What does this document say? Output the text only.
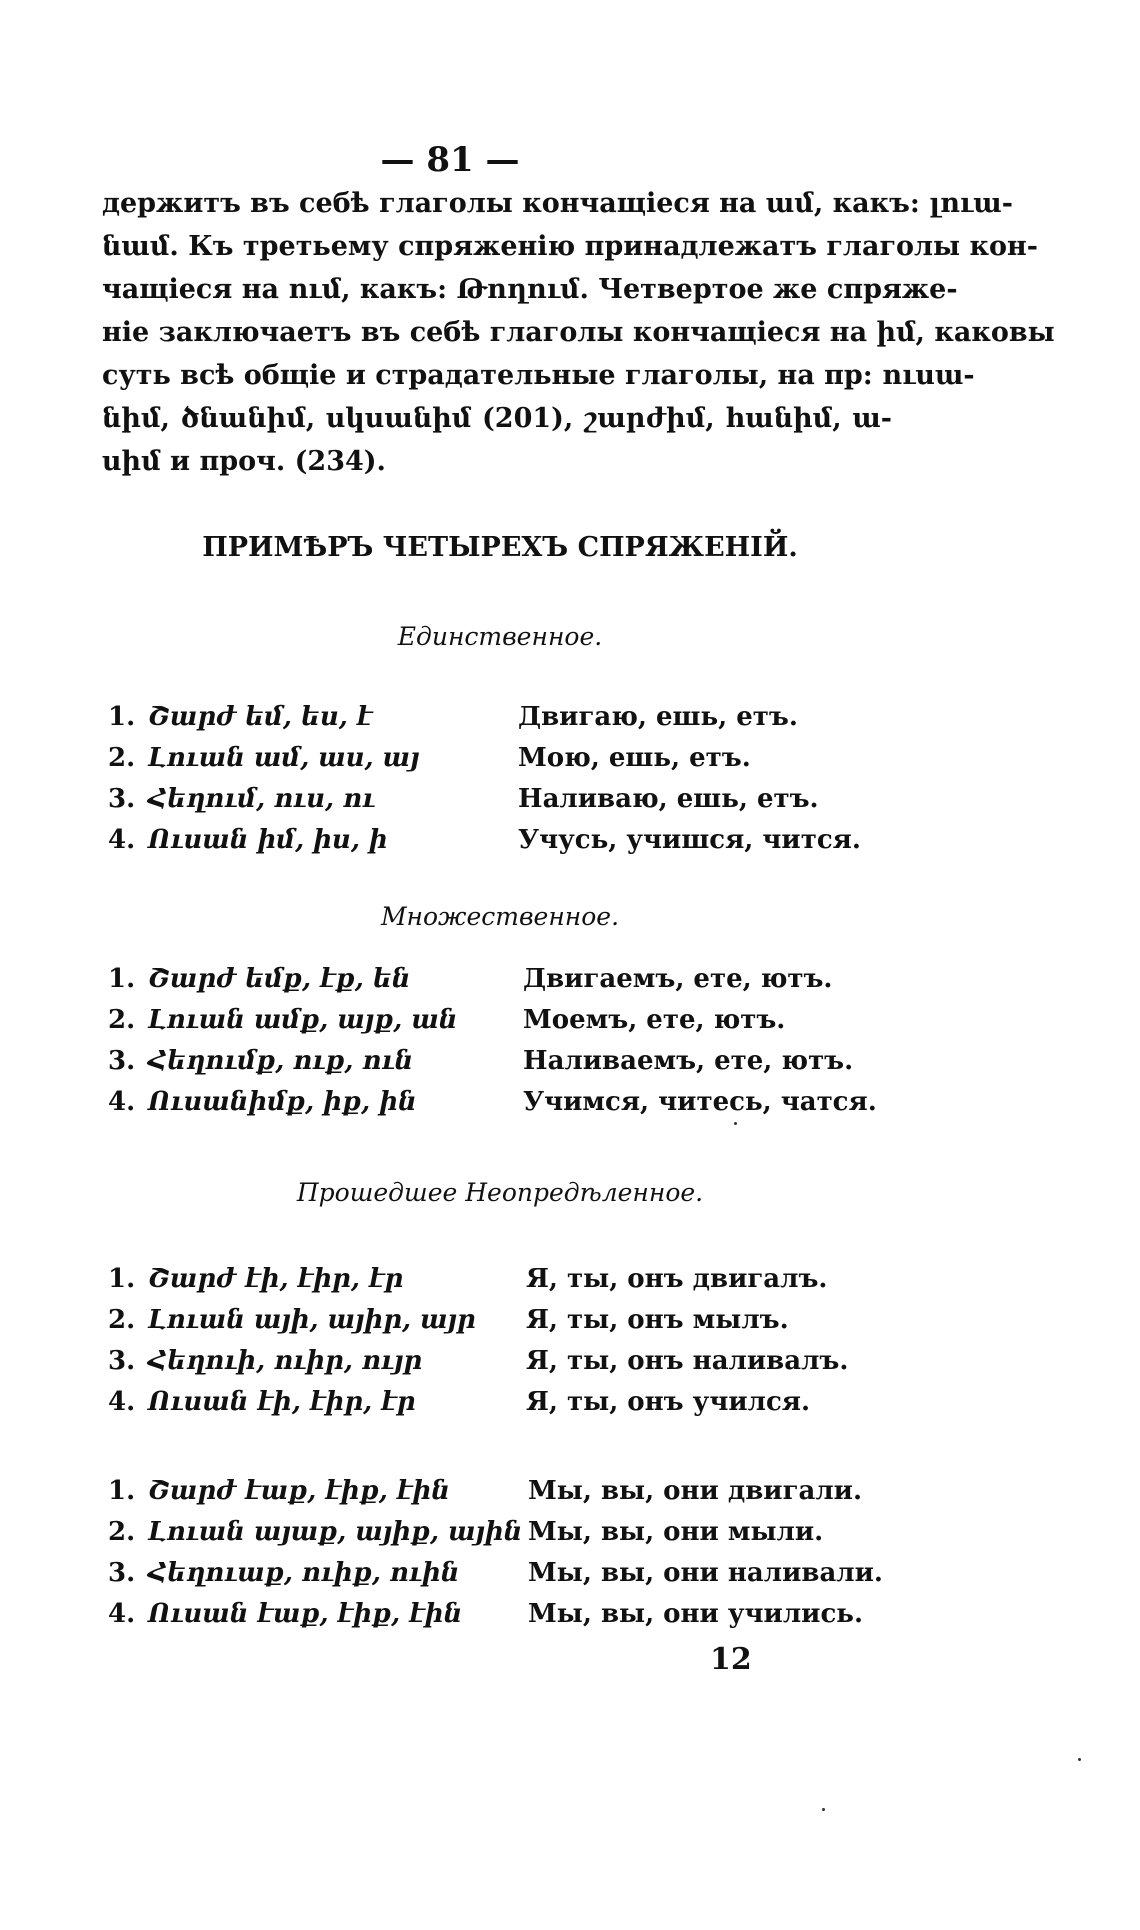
— 81 —
держитъ въ себѣ глаголы кончащіеся на ամ, какъ: լուա-
նամ. Къ третьему спряженію принадлежатъ глаголы кон-
чащіеся на ում, какъ: Թողում. Четвертое же спряже-
ніе заключаетъ въ себѣ глаголы кончащіеся на իմ, каковы
суть всѣ общіе и страдательные глаголы, на пр: ուսա-
նիմ, ծնանիմ, սկսանիմ (201), շարժիմ, հանիմ, ա-
սիմ и проч. (234).
ПРИМѢРЪ ЧЕТЫРЕХЪ СПРЯЖЕНІЙ.
Единственное.
1. Շարժ եմ, ես, է	Двигаю, ешь, етъ.
2. Լուան ամ, աս, այ	Мою, ешь, етъ.
3. Հեղում, ուս, ու	Наливаю, ешь, етъ.
4. Ուսան իմ, իս, ի	Учусь, учишся, чится.
Множественное.
1. Շարժ եմք, էք, են	Двигаемъ, ете, ютъ.
2. Լուան ամք, այք, ան	Моемъ, ете, ютъ.
3. Հեղումք, ուք, ուն	Наливаемъ, ете, ютъ.
4. Ուսանիմք, իք, ին	Учимся, читесь, чатся.
Прошедшее Неопредѣленное.
1. Շարժ էի, էիր, էր	Я, ты, онъ двигалъ.
2. Լուան այի, այիր, այր Я, ты, онъ мылъ.
3. Հեղուի, ուիր, ույր	Я, ты, онъ наливалъ.
4. Ուսան էի, էիր, էր	Я, ты, онъ учился.
1. Շարժ էաք, էիք, էին	Мы, вы, они двигали.
2. Լուան այաք, այիք, ային Мы, вы, они мыли.
3. Հեղուաք, ուիք, ուին	Мы, вы, они наливали.
4. Ուսան էաք, էիք, էին	Мы, вы, они учились.
12
